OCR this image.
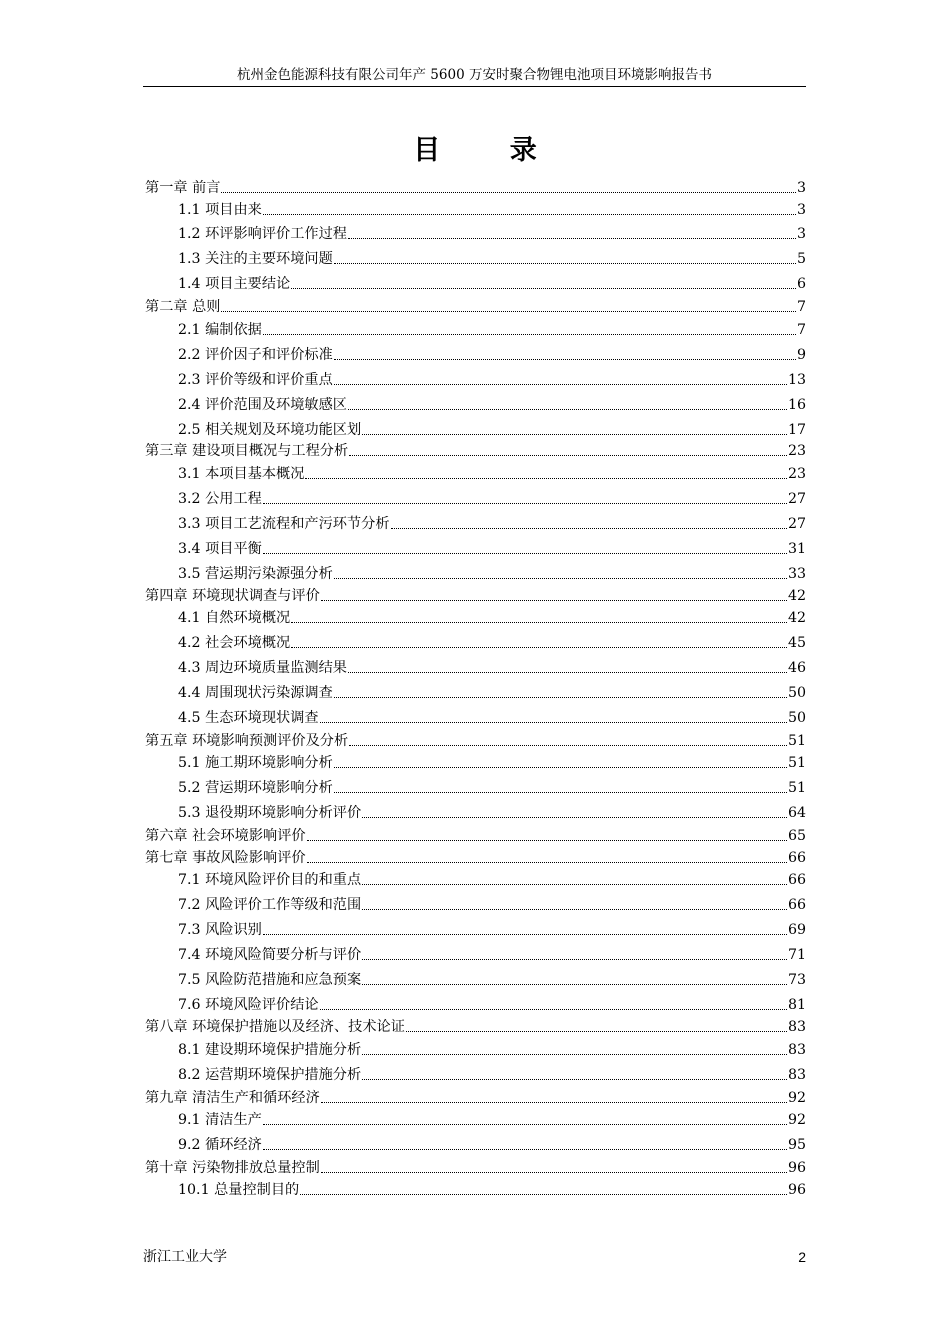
杭州金色能源科技有限公司年产 5600 万安时聚合物锂电池项目环境影响报告书
目 录
第一章 前言	3
1.1 项目由来	3
1.2 环评影响评价工作过程	3
1.3 关注的主要环境问题	5
1.4 项目主要结论	6
第二章 总则	7
2.1 编制依据	7
2.2 评价因子和评价标准	9
2.3 评价等级和评价重点	13
2.4 评价范围及环境敏感区	16
2.5 相关规划及环境功能区划	17
第三章 建设项目概况与工程分析	23
3.1 本项目基本概况	23
3.2 公用工程	27
3.3 项目工艺流程和产污环节分析	27
3.4 项目平衡	31
3.5 营运期污染源强分析	33
第四章 环境现状调查与评价	42
4.1 自然环境概况	42
4.2 社会环境概况	45
4.3 周边环境质量监测结果	46
4.4 周围现状污染源调查	50
4.5 生态环境现状调查	50
第五章 环境影响预测评价及分析	51
5.1 施工期环境影响分析	51
5.2 营运期环境影响分析	51
5.3 退役期环境影响分析评价	64
第六章 社会环境影响评价	65
第七章 事故风险影响评价	66
7.1 环境风险评价目的和重点	66
7.2 风险评价工作等级和范围	66
7.3 风险识别	69
7.4 环境风险简要分析与评价	71
7.5 风险防范措施和应急预案	73
7.6 环境风险评价结论	81
第八章 环境保护措施以及经济、技术论证	83
8.1 建设期环境保护措施分析	83
8.2 运营期环境保护措施分析	83
第九章 清洁生产和循环经济	92
9.1 清洁生产	92
9.2 循环经济	95
第十章 污染物排放总量控制	96
10.1 总量控制目的	96
浙江工业大学	2
